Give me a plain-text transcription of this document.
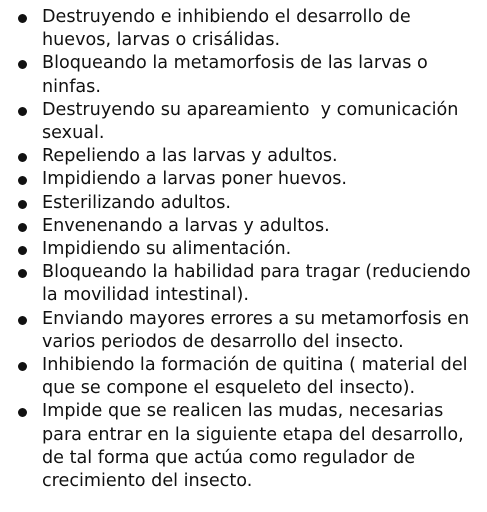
Destruyendo e inhibiendo el desarrollo de huevos, larvas o crisálidas.
Bloqueando la metamorfosis de las larvas o ninfas.
Destruyendo su apareamiento  y comunicación sexual.
Repeliendo a las larvas y adultos.
Impidiendo a larvas poner huevos.
Esterilizando adultos.
Envenenando a larvas y adultos.
Impidiendo su alimentación.
Bloqueando la habilidad para tragar (reduciendo la movilidad intestinal).
Enviando mayores errores a su metamorfosis en varios periodos de desarrollo del insecto.
Inhibiendo la formación de quitina ( material del que se compone el esqueleto del insecto).
Impide que se realicen las mudas, necesarias para entrar en la siguiente etapa del desarrollo, de tal forma que actúa como regulador de crecimiento del insecto.
